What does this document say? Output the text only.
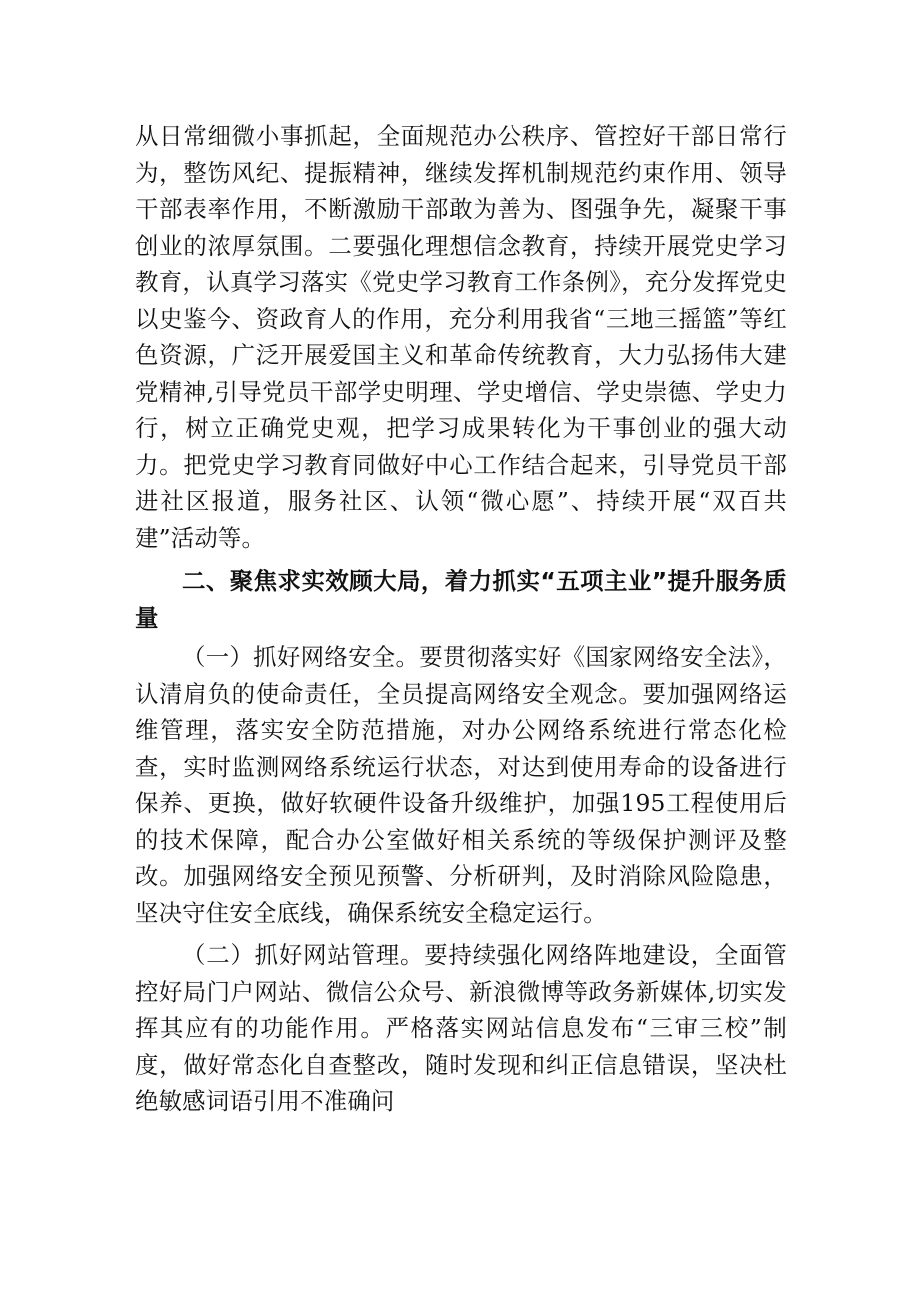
从日常细微小事抓起，全面规范办公秩序、管控好干部日常行为，整饬风纪、提振精神，继续发挥机制规范约束作用、领导干部表率作用，不断激励干部敢为善为、图强争先，凝聚干事创业的浓厚氛围。二要强化理想信念教育，持续开展党史学习教育，认真学习落实《党史学习教育工作条例》，充分发挥党史以史鉴今、资政育人的作用，充分利用我省“三地三摇篮”等红色资源，广泛开展爱国主义和革命传统教育，大力弘扬伟大建党精神,引导党员干部学史明理、学史增信、学史崇德、学史力行，树立正确党史观，把学习成果转化为干事创业的强大动力。把党史学习教育同做好中心工作结合起来，引导党员干部进社区报道，服务社区、认领“微心愿”、持续开展“双百共建”活动等。

二、聚焦求实效顾大局，着力抓实“五项主业”提升服务质量

（一）抓好网络安全。要贯彻落实好《国家网络安全法》，认清肩负的使命责任，全员提高网络安全观念。要加强网络运维管理，落实安全防范措施，对办公网络系统进行常态化检查，实时监测网络系统运行状态，对达到使用寿命的设备进行保养、更换，做好软硬件设备升级维护，加强195工程使用后的技术保障，配合办公室做好相关系统的等级保护测评及整改。加强网络安全预见预警、分析研判，及时消除风险隐患，坚决守住安全底线，确保系统安全稳定运行。

（二）抓好网站管理。要持续强化网络阵地建设，全面管控好局门户网站、微信公众号、新浪微博等政务新媒体,切实发挥其应有的功能作用。严格落实网站信息发布“三审三校”制度，做好常态化自查整改，随时发现和纠正信息错误，坚决杜绝敏感词语引用不准确问
